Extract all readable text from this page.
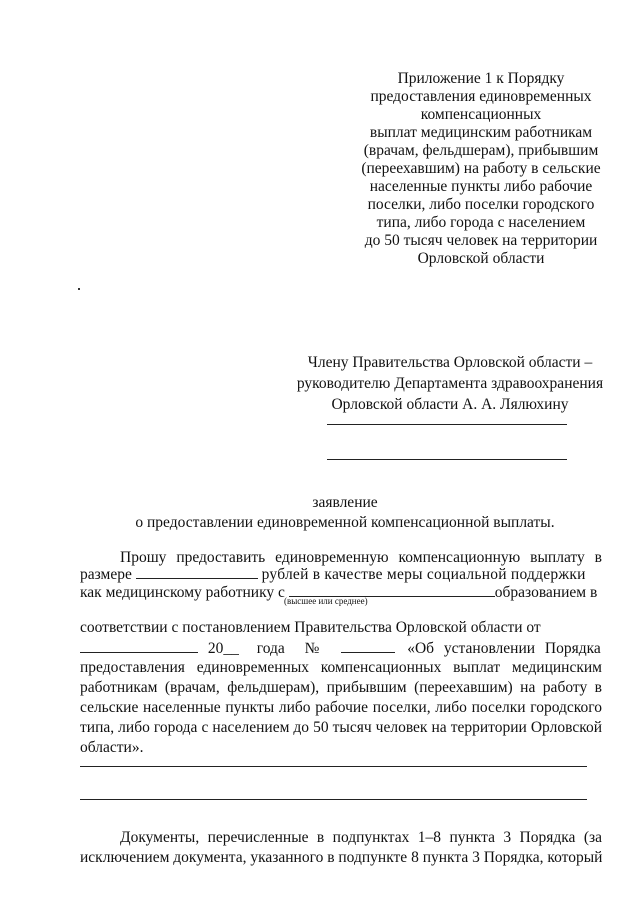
Приложение 1 к Порядку
предоставления единовременных
компенсационных
выплат медицинским работникам
(врачам, фельдшерам), прибывшим
(переехавшим) на работу в сельские
населенные пункты либо рабочие
поселки, либо поселки городского
типа, либо города с населением
до 50 тысяч человек на территории
Орловской области
Члену Правительства Орловской области –
руководителю Департамента здравоохранения
Орловской области А. А. Лялюхину
заявление
о предоставлении единовременной компенсационной выплаты.
Прошу предоставить единовременную компенсационную выплату в
размере	рублей в качестве меры социальной поддержки
как медицинскому работнику с	образованием в
(высшее или среднее)
соответствии с постановлением Правительства Орловской области от
20__ года №	«Об установлении Порядка
предоставления единовременных компенсационных выплат медицинским
работникам (врачам, фельдшерам), прибывшим (переехавшим) на работу в
сельские населенные пункты либо рабочие поселки, либо поселки городского
типа, либо города с населением до 50 тысяч человек на территории Орловской
области».
Документы, перечисленные в подпунктах 1–8 пункта 3 Порядка (за
исключением документа, указанного в подпункте 8 пункта 3 Порядка, который
